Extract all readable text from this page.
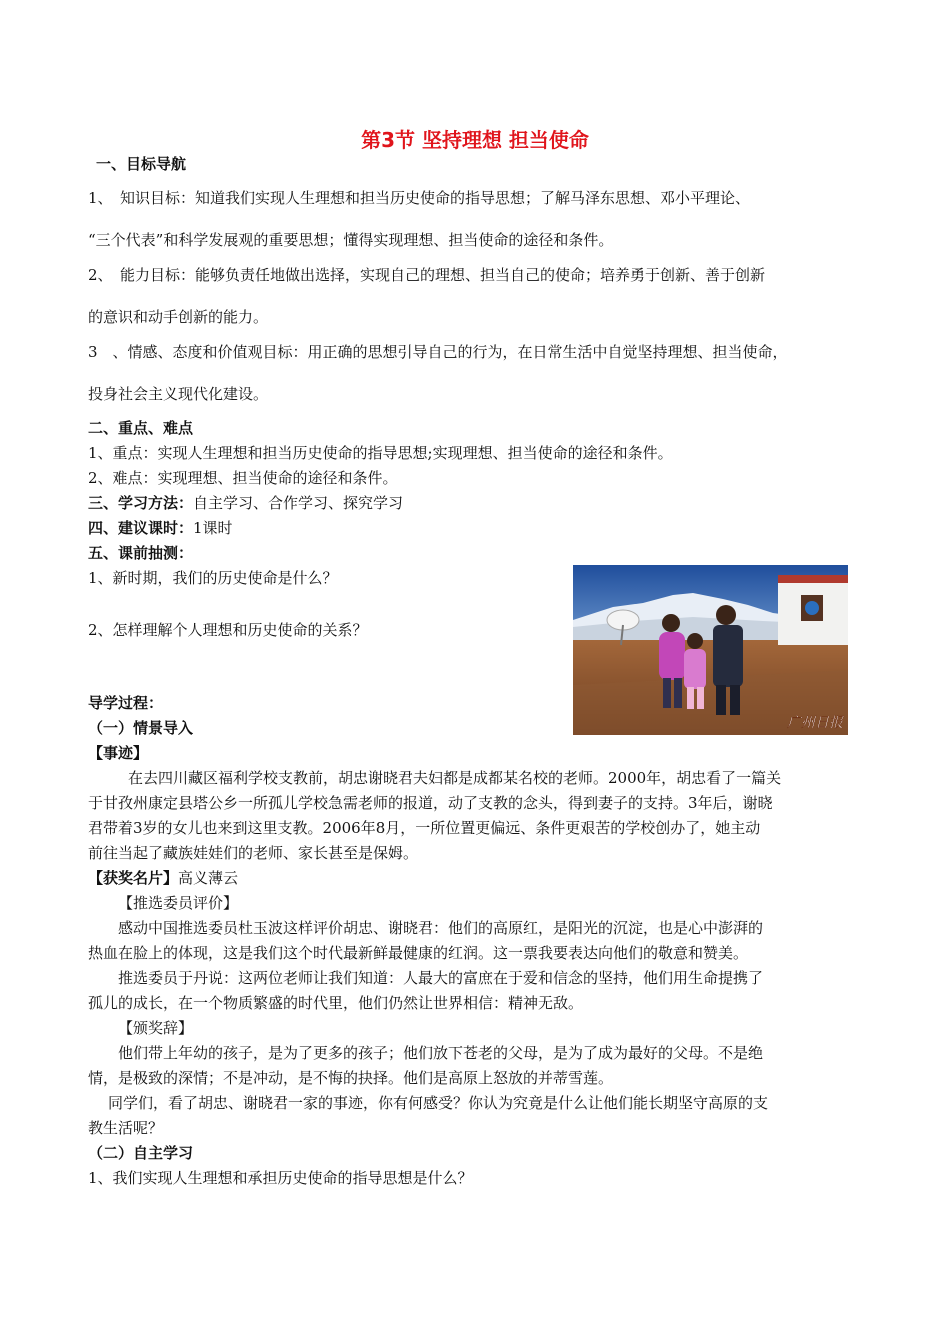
第3节 坚持理想 担当使命
一、目标导航
1、　知识目标：知道我们实现人生理想和担当历史使命的指导思想；了解马泽东思想、邓小平理论、
“三个代表”和科学发展观的重要思想；懂得实现理想、担当使命的途径和条件。
2、　能力目标：能够负责任地做出选择，实现自己的理想、担当自己的使命；培养勇于创新、善于创新
的意识和动手创新的能力。
3　、情感、态度和价值观目标：用正确的思想引导自己的行为，在日常生活中自觉坚持理想、担当使命，
投身社会主义现代化建设。
二、重点、难点
1、重点：实现人生理想和担当历史使命的指导思想;实现理想、担当使命的途径和条件。
2、难点：实现理想、担当使命的途径和条件。
三、学习方法：自主学习、合作学习、探究学习
四、建议课时：1课时
五、课前抽测：
1、新时期，我们的历史使命是什么？
2、怎样理解个人理想和历史使命的关系？
广州日报
导学过程：
（一）情景导入
【事迹】
在去四川藏区福利学校支教前，胡忠谢晓君夫妇都是成都某名校的老师。2000年，胡忠看了一篇关
于甘孜州康定县塔公乡一所孤儿学校急需老师的报道，动了支教的念头，得到妻子的支持。3年后，谢晓
君带着3岁的女儿也来到这里支教。2006年8月，一所位置更偏远、条件更艰苦的学校创办了，她主动
前往当起了藏族娃娃们的老师、家长甚至是保姆。
【获奖名片】高义薄云
【推选委员评价】
感动中国推选委员杜玉波这样评价胡忠、谢晓君：他们的高原红，是阳光的沉淀，也是心中澎湃的
热血在脸上的体现，这是我们这个时代最新鲜最健康的红润。这一票我要表达向他们的敬意和赞美。
推选委员于丹说：这两位老师让我们知道：人最大的富庶在于爱和信念的坚持，他们用生命提携了
孤儿的成长，在一个物质繁盛的时代里，他们仍然让世界相信：精神无敌。
【颁奖辞】
他们带上年幼的孩子，是为了更多的孩子；他们放下苍老的父母，是为了成为最好的父母。不是绝
情，是极致的深情；不是冲动，是不悔的抉择。他们是高原上怒放的并蒂雪莲。
同学们，看了胡忠、谢晓君一家的事迹，你有何感受？你认为究竟是什么让他们能长期坚守高原的支
教生活呢？
（二）自主学习
1、我们实现人生理想和承担历史使命的指导思想是什么？
